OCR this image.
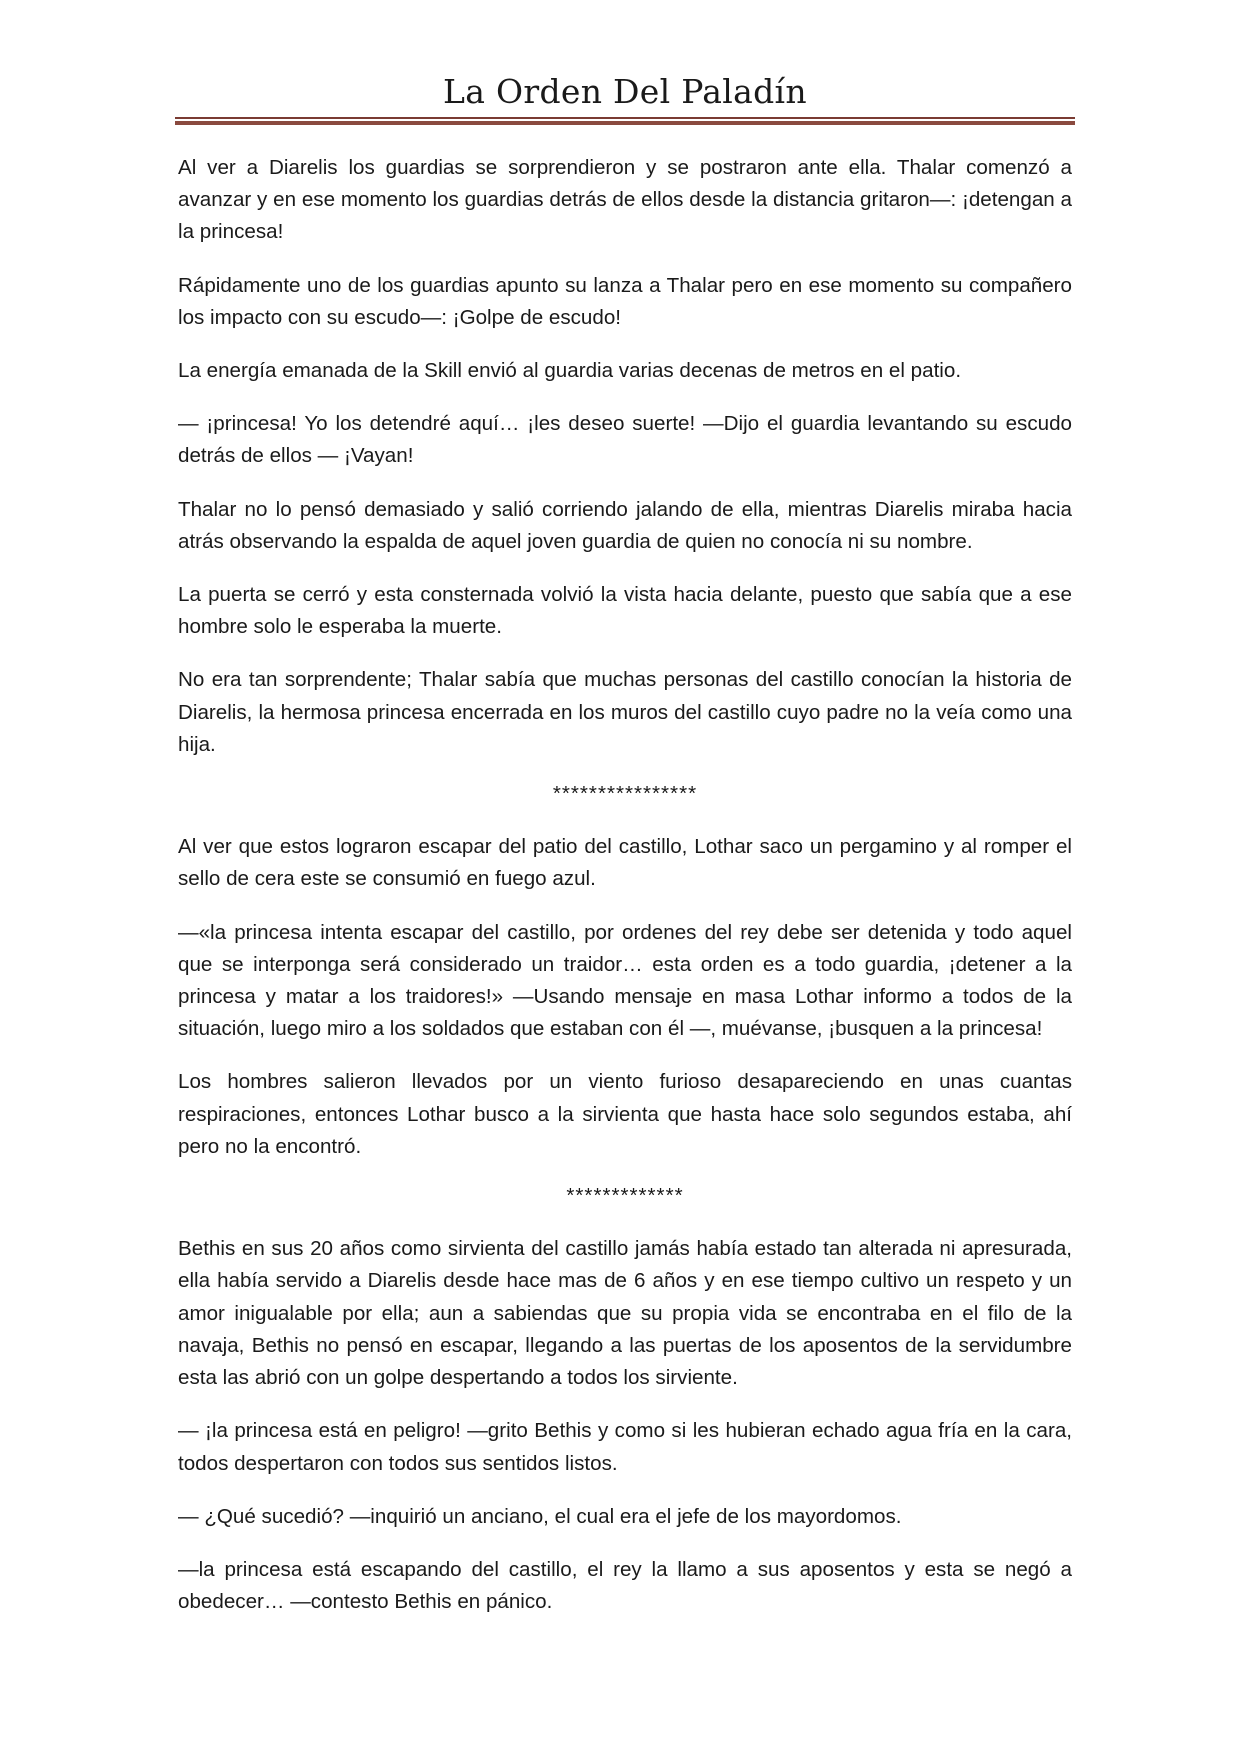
La Orden Del Paladín

Al ver a Diarelis los guardias se sorprendieron y se postraron ante ella. Thalar comenzó a avanzar y en ese momento los guardias detrás de ellos desde la distancia gritaron—: ¡detengan a la princesa!

Rápidamente uno de los guardias apunto su lanza a Thalar pero en ese momento su compañero los impacto con su escudo—: ¡Golpe de escudo!

La energía emanada de la Skill envió al guardia varias decenas de metros en el patio.

— ¡princesa! Yo los detendré aquí… ¡les deseo suerte! —Dijo el guardia levantando su escudo detrás de ellos — ¡Vayan!

Thalar no lo pensó demasiado y salió corriendo jalando de ella, mientras Diarelis miraba hacia atrás observando la espalda de aquel joven guardia de quien no conocía ni su nombre.

La puerta se cerró y esta consternada volvió la vista hacia delante, puesto que sabía que a ese hombre solo le esperaba la muerte.

No era tan sorprendente; Thalar sabía que muchas personas del castillo conocían la historia de Diarelis, la hermosa princesa encerrada en los muros del castillo cuyo padre no la veía como una hija.

****************

Al ver que estos lograron escapar del patio del castillo, Lothar saco un pergamino y al romper el sello de cera este se consumió en fuego azul.

—«la princesa intenta escapar del castillo, por ordenes del rey debe ser detenida y todo aquel que se interponga será considerado un traidor… esta orden es a todo guardia, ¡detener a la princesa y matar a los traidores!» —Usando mensaje en masa Lothar informo a todos de la situación, luego miro a los soldados que estaban con él —, muévanse, ¡busquen a la princesa!

Los hombres salieron llevados por un viento furioso desapareciendo en unas cuantas respiraciones, entonces Lothar busco a la sirvienta que hasta hace solo segundos estaba, ahí pero no la encontró.

*************

Bethis en sus 20 años como sirvienta del castillo jamás había estado tan alterada ni apresurada, ella había servido a Diarelis desde hace mas de 6 años y en ese tiempo cultivo un respeto y un amor inigualable por ella; aun a sabiendas que su propia vida se encontraba en el filo de la navaja, Bethis no pensó en escapar, llegando a las puertas de los aposentos de la servidumbre esta las abrió con un golpe despertando a todos los sirviente.

— ¡la princesa está en peligro! —grito Bethis y como si les hubieran echado agua fría en la cara, todos despertaron con todos sus sentidos listos.

— ¿Qué sucedió? —inquirió un anciano, el cual era el jefe de los mayordomos.

—la princesa está escapando del castillo, el rey la llamo a sus aposentos y esta se negó a obedecer… —contesto Bethis en pánico.
